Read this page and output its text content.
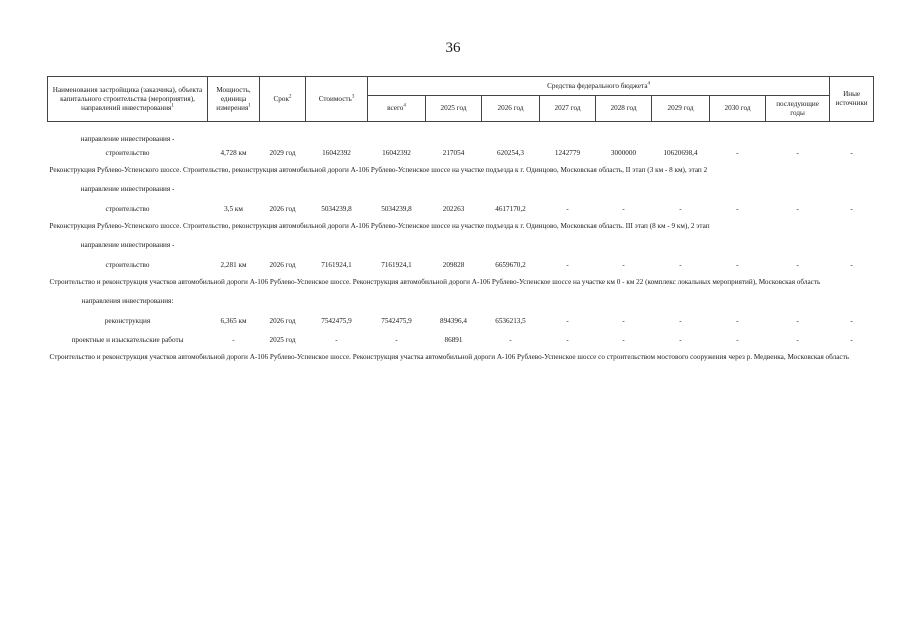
36
Наименования застройщика (заказчика), объекта капитального строительства (мероприятия), направлений инвестирования$^1$	Мощность, единица измерения$^1$	Срок$^2$	Стоимость$^3$	Средства федерального бюджета$^4$								Иные источники
				всего$^4$	2025 год	2026 год	2027 год	2028 год	2029 год	2030 год	последующие годы	
направление инвестирования -												
строительство	4,728 км	2029 год	16042392	16042392	217054	620254,3	1242779	3000000	10620698,4	-	-	-
Реконструкция Рублево-Успенского шоссе. Строительство, реконструкция автомобильной дороги А-106 Рублево-Успенское шоссе на участке подъезда к г. Одинцово, Московская область, II этап (3 км - 8 км), этап 2												
направление инвестирования -												
строительство	3,5 км	2026 год	5034239,8	5034239,8	202263	4617170,2	-	-	-	-	-	-
Реконструкция Рублево-Успенского шоссе. Строительство, реконструкция автомобильной дороги А-106 Рублево-Успенское шоссе на участке подъезда к г. Одинцово, Московская область. III этап (8 км - 9 км), 2 этап												
направление инвестирования -												
строительство	2,281 км	2026 год	7161924,1	7161924,1	209828	6659670,2	-	-	-	-	-	-
Строительство и реконструкция участков автомобильной дороги А-106 Рублево-Успенское шоссе. Реконструкция автомобильной дороги А-106 Рублево-Успенское шоссе на участке км 0 - км 22 (комплекс локальных мероприятий), Московская область												
направления инвестирования:												
реконструкция	6,365 км	2026 год	7542475,9	7542475,9	894396,4	6536213,5	-	-	-	-	-	-
проектные и изыскательские работы	-	2025 год	-	-	86891	-	-	-	-	-	-	-
Строительство и реконструкция участков автомобильной дороги А-106 Рублево-Успенское шоссе. Реконструкция участка автомобильной дороги А-106 Рублево-Успенское шоссе со строительством мостового сооружения через р. Медвенка, Московская область												
